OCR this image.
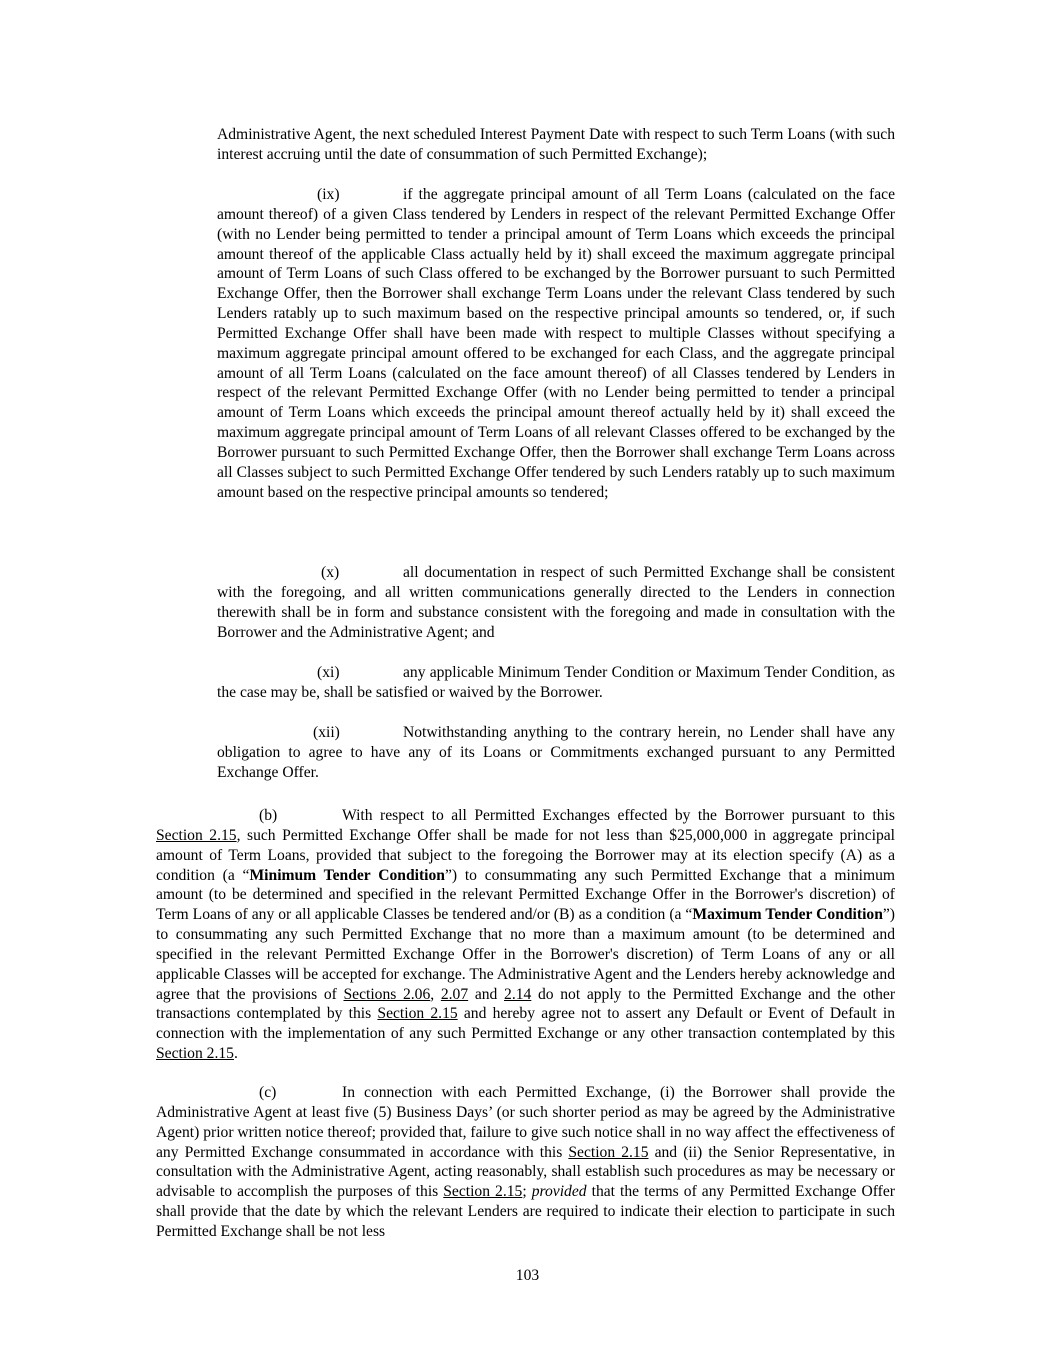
Administrative Agent, the next scheduled Interest Payment Date with respect to such Term Loans (with such interest accruing until the date of consummation of such Permitted Exchange);

(ix)	if the aggregate principal amount of all Term Loans (calculated on the face amount thereof) of a given Class tendered by Lenders in respect of the relevant Permitted Exchange Offer (with no Lender being permitted to tender a principal amount of Term Loans which exceeds the principal amount thereof of the applicable Class actually held by it) shall exceed the maximum aggregate principal amount of Term Loans of such Class offered to be exchanged by the Borrower pursuant to such Permitted Exchange Offer, then the Borrower shall exchange Term Loans under the relevant Class tendered by such Lenders ratably up to such maximum based on the respective principal amounts so tendered, or, if such Permitted Exchange Offer shall have been made with respect to multiple Classes without specifying a maximum aggregate principal amount offered to be exchanged for each Class, and the aggregate principal amount of all Term Loans (calculated on the face amount thereof) of all Classes tendered by Lenders in respect of the relevant Permitted Exchange Offer (with no Lender being permitted to tender a principal amount of Term Loans which exceeds the principal amount thereof actually held by it) shall exceed the maximum aggregate principal amount of Term Loans of all relevant Classes offered to be exchanged by the Borrower pursuant to such Permitted Exchange Offer, then the Borrower shall exchange Term Loans across all Classes subject to such Permitted Exchange Offer tendered by such Lenders ratably up to such maximum amount based on the respective principal amounts so tendered;

(x)	all documentation in respect of such Permitted Exchange shall be consistent with the foregoing, and all written communications generally directed to the Lenders in connection therewith shall be in form and substance consistent with the foregoing and made in consultation with the Borrower and the Administrative Agent; and

(xi)	any applicable Minimum Tender Condition or Maximum Tender Condition, as the case may be, shall be satisfied or waived by the Borrower.

(xii)	Notwithstanding anything to the contrary herein, no Lender shall have any obligation to agree to have any of its Loans or Commitments exchanged pursuant to any Permitted Exchange Offer.

(b)	With respect to all Permitted Exchanges effected by the Borrower pursuant to this Section 2.15, such Permitted Exchange Offer shall be made for not less than $25,000,000 in aggregate principal amount of Term Loans, provided that subject to the foregoing the Borrower may at its election specify (A) as a condition (a “Minimum Tender Condition”) to consummating any such Permitted Exchange that a minimum amount (to be determined and specified in the relevant Permitted Exchange Offer in the Borrower's discretion) of Term Loans of any or all applicable Classes be tendered and/or (B) as a condition (a “Maximum Tender Condition”) to consummating any such Permitted Exchange that no more than a maximum amount (to be determined and specified in the relevant Permitted Exchange Offer in the Borrower's discretion) of Term Loans of any or all applicable Classes will be accepted for exchange. The Administrative Agent and the Lenders hereby acknowledge and agree that the provisions of Sections 2.06, 2.07 and 2.14 do not apply to the Permitted Exchange and the other transactions contemplated by this Section 2.15 and hereby agree not to assert any Default or Event of Default in connection with the implementation of any such Permitted Exchange or any other transaction contemplated by this Section 2.15.

(c)	In connection with each Permitted Exchange, (i) the Borrower shall provide the Administrative Agent at least five (5) Business Days’ (or such shorter period as may be agreed by the Administrative Agent) prior written notice thereof; provided that, failure to give such notice shall in no way affect the effectiveness of any Permitted Exchange consummated in accordance with this Section 2.15 and (ii) the Senior Representative, in consultation with the Administrative Agent, acting reasonably, shall establish such procedures as may be necessary or advisable to accomplish the purposes of this Section 2.15; provided that the terms of any Permitted Exchange Offer shall provide that the date by which the relevant Lenders are required to indicate their election to participate in such Permitted Exchange shall be not less

103
